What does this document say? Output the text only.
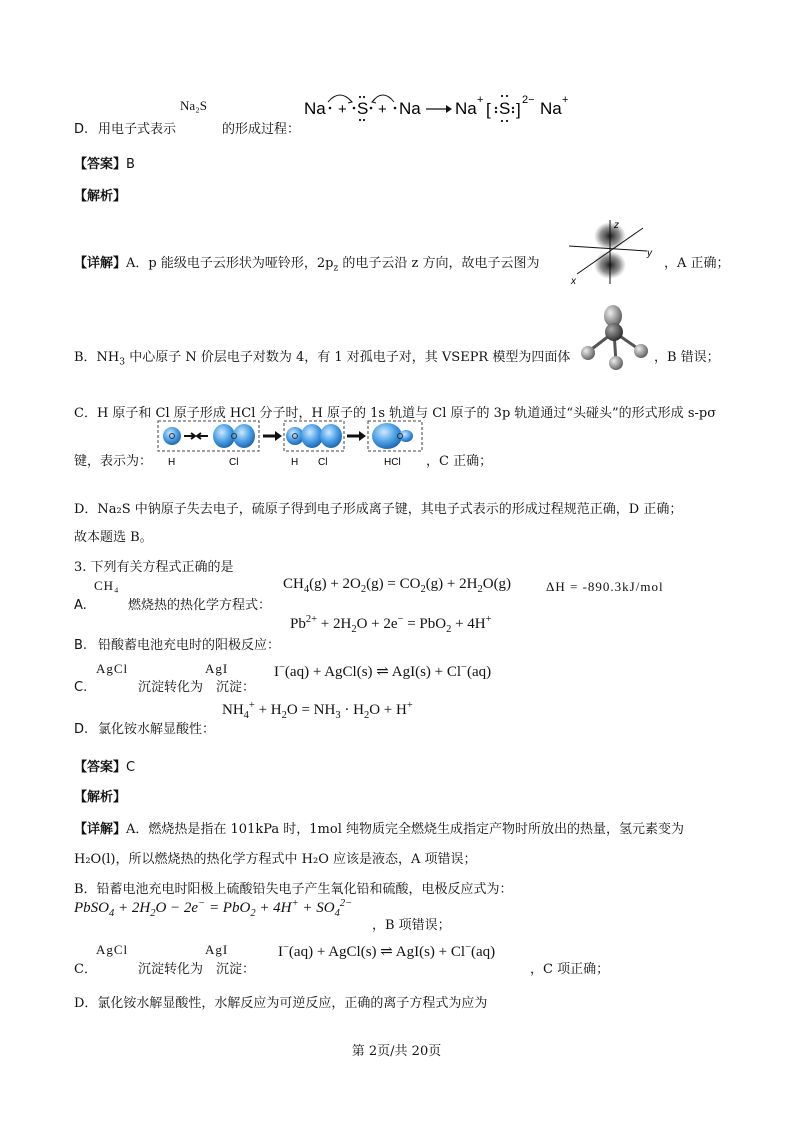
D. 用电子式表示
Na₂S
的形成过程：
Na + S + Na Na + [ S ] 2− Na +
【答案】B
【解析】
【详解】A．p 能级电子云形状为哑铃形，$2p_z$ 的电子云沿 z 方向，故电子云图为
z
y
x
，A 正确；
B．$NH_3$ 中心原子 N 价层电子对数为 4，有 1 对孤电子对，其 VSEPR 模型为四面体	，B 错误；
C．H 原子和 Cl 原子形成 HCl 分子时，H 原子的 1s 轨道与 Cl 原子的 3p 轨道通过“头碰头”的形式形成 s-pσ
键，表示为： H	Cl	H Cl	HCl ，C 正确；
D．Na₂S 中钠原子失去电子，硫原子得到电子形成离子键，其电子式表示的形成过程规范正确，D 正确；
故本题选 B。
3. 下列有关方程式正确的是
A.
CH₄
燃烧热的热化学方程式：
$CH_4(g) + 2O_2(g) = CO_2(g) + 2H_2O(g)$	ΔH = -890.3kJ/mol
B.
$Pb^{2+} + 2H_2O + 2e^- = PbO_2 + 4H^+$
铅酸蓄电池充电时的阳极反应：
C.
AgCl
沉淀转化为
AgI
沉淀：
I−(aq) + AgCl(s) ⇌ AgI(s) + Cl−(aq)
D. 氯化铵水解显酸性：
$NH_4^+ + H_2O = NH_3 \cdot H_2O + H^+$
【答案】C
【解析】
【详解】A．燃烧热是指在 101kPa 时，1mol 纯物质完全燃烧生成指定产物时所放出的热量，氢元素变为
H₂O(l)，所以燃烧热的热化学方程式中 H₂O 应该是液态，A 项错误；
B．铅蓄电池充电时阳极上硫酸铅失电子产生氧化铅和硫酸，电极反应式为：
PbSO$_4$ + $2H_2O - 2e^- = PbO_2 + 4H^+ + SO_4^{2-}$
，B 项错误；
C．
AgCl
沉淀转化为
AgI
沉淀：
I−(aq) + AgCl(s) ⇌ AgI(s) + Cl−(aq)
，C 项正确；
D．氯化铵水解显酸性，水解反应为可逆反应，正确的离子方程式为应为
第 2页/共 20页
